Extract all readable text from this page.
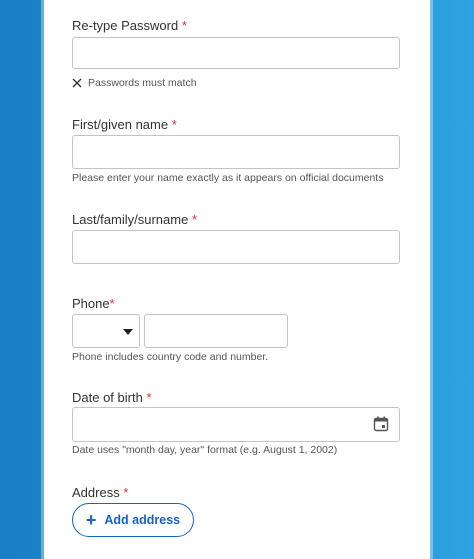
Re-type Password *
Passwords must match
First/given name *
Please enter your name exactly as it appears on official documents
Last/family/surname *
Phone*
Phone includes country code and number.
Date of birth *
Date uses "month day, year" format (e.g. August 1, 2002)
Address *
+ Add address
